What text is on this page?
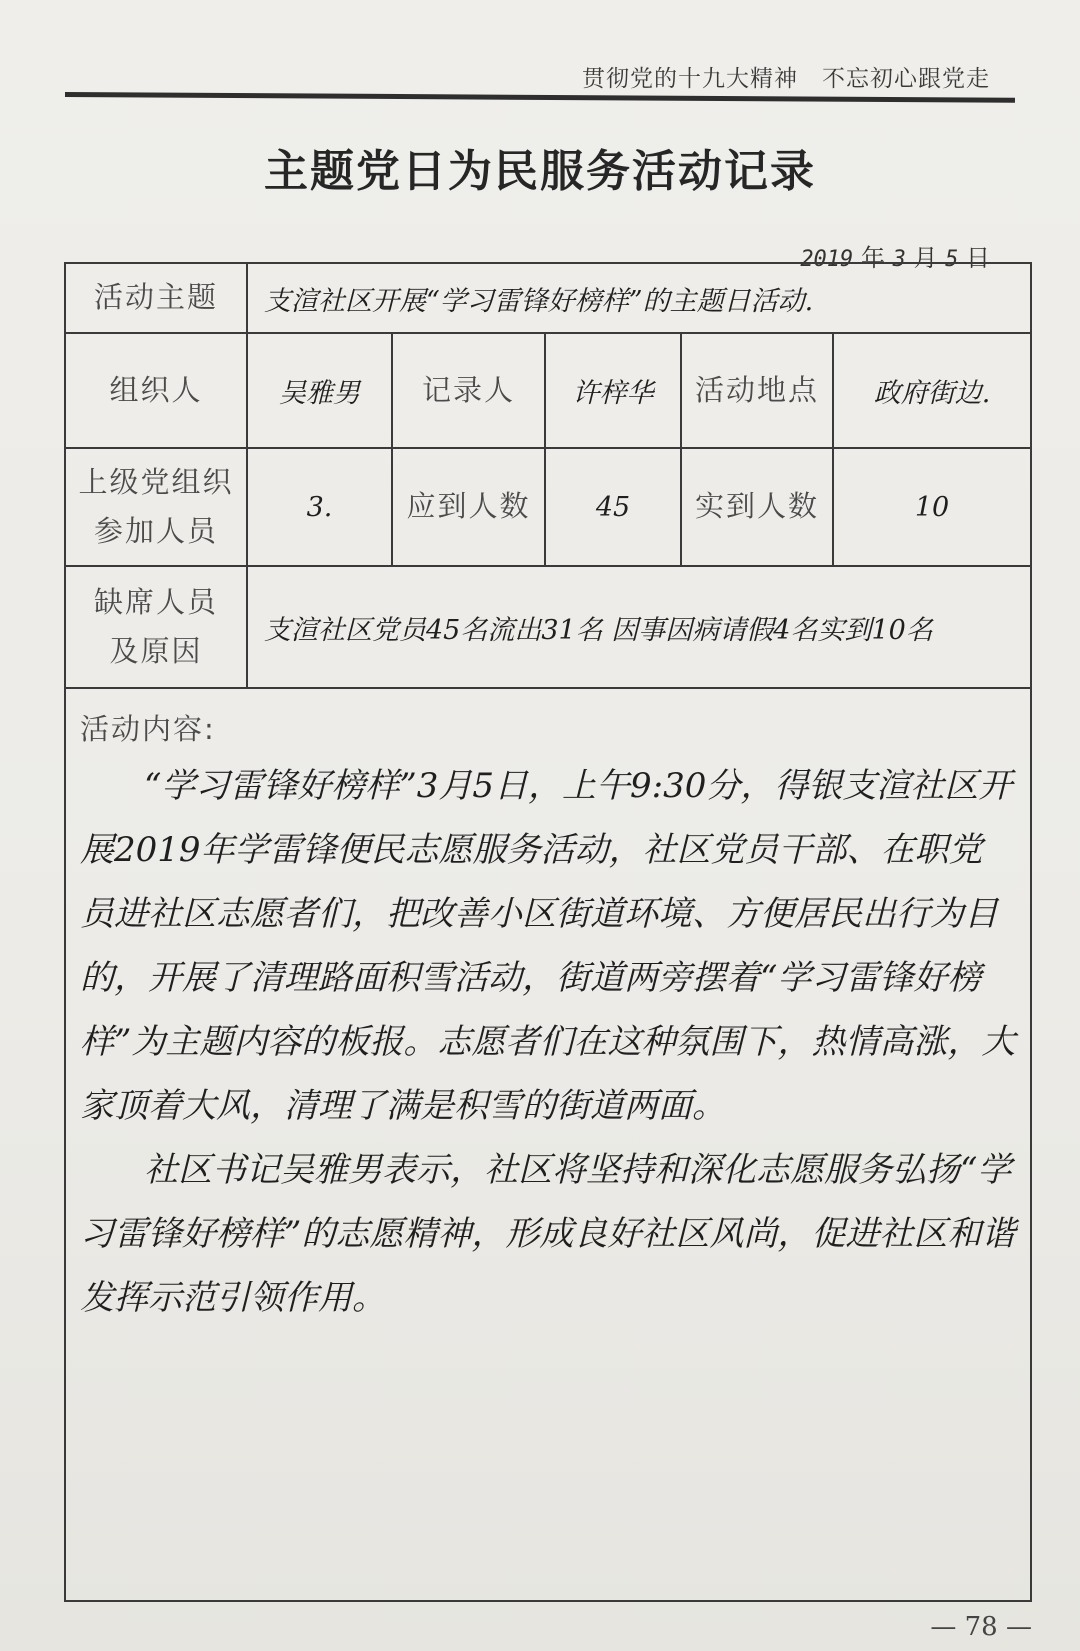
贯彻党的十九大精神　不忘初心跟党走
主题党日为民服务活动记录
2019 年 3 月 5 日
活动主题	支渲社区开展“学习雷锋好榜样”的主题日活动.				
组织人	吴雅男	记录人	许梓华	活动地点	政府街边.

上级党组织
参加人员	3.	应到人数	45	实到人数	10

缺席人员
及原因	支渲社区党员45名流出31名 因事因病请假4名实到10名				

活动内容:

“学习雷锋好榜样”3月5日，上午9:30分，得银支渲社区开展2019年学雷锋便民志愿服务活动，社区党员干部、在职党员进社区志愿者们，把改善小区街道环境、方便居民出行为目的，开展了清理路面积雪活动，街道两旁摆着“学习雷锋好榜样”为主题内容的板报。志愿者们在这种氛围下，热情高涨，大家顶着大风，清理了满是积雪的街道两面。

社区书记吴雅男表示，社区将坚持和深化志愿服务弘扬“学习雷锋好榜样”的志愿精神，形成良好社区风尚，促进社区和谐发挥示范引领作用。					

— 78 —
